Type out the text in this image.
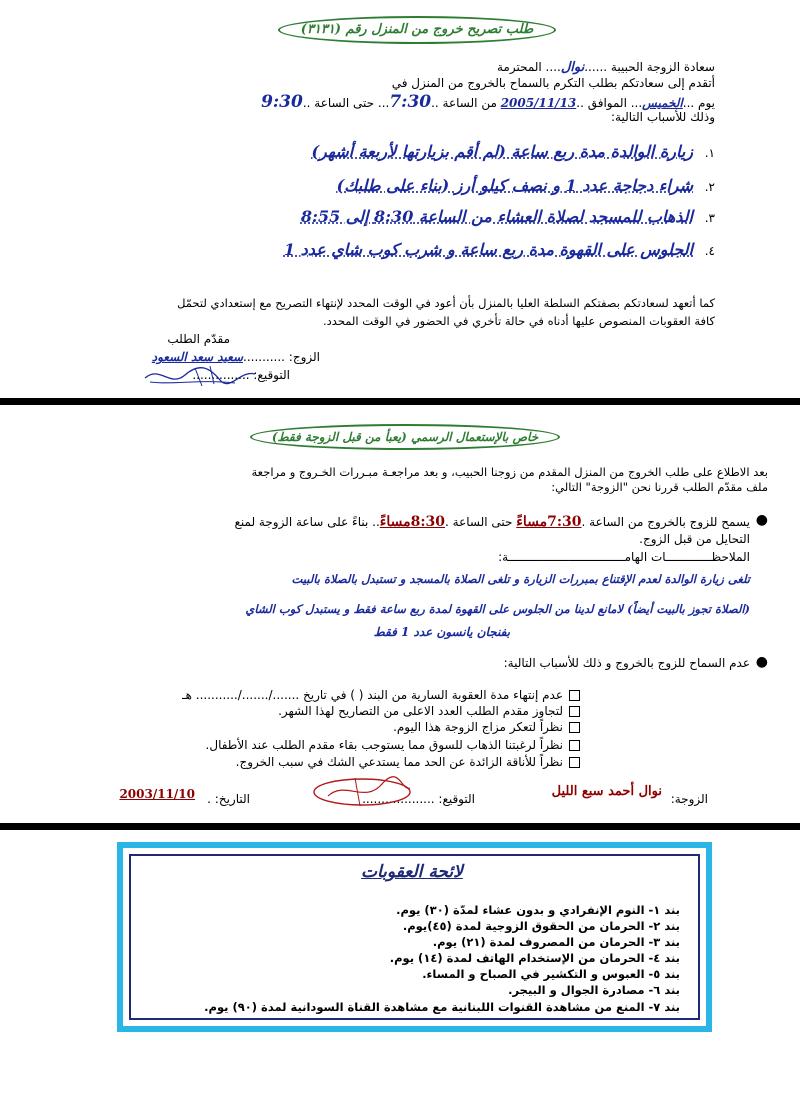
طلب تصريح خروج من المنزل رقم (٣١٣١)
سعادة الزوجة الحبيبة ......نوال.... المحترمة
أتقدم إلى سعادتكم بطلب التكرم بالسماح بالخروج من المنزل في
يوم ...الخميس... الموافق ..2005/11/13 من الساعة ..7:30... حتى الساعة ..9:30
وذلك للأسباب التالية:
١.
زيارة الوالدة مدة ربع ساعة (لم أقم بزيارتها لأربعة أشهر)
٢.
شراء دجاجة عدد 1 و نصف كيلو أرز (بناء على طلبك)
٣.
الذهاب للمسجد لصلاة العشاء من الساعة 8:30 إلى 8:55
٤.
الجلوس على القهوة مدة ربع ساعة و شرب كوب شاي عدد 1
كما أتعهد لسعادتكم بصفتكم السلطة العليا بالمنزل بأن أعود في الوقت المحدد لإنتهاء التصريح مع إستعدادي لتحمّل
كافة العقوبات المنصوص عليها أدناه في حالة تأخري في الحضور في الوقت المحدد.
مقدّم الطلب
الزوج: ...........سعيد سعد السعود
التوقيع: ...............
خاص بالإستعمال الرسمي (يعبأ من قبل الزوجة فقط)
بعد الاطلاع على طلب الخروج من المنزل المقدم من زوجنا الحبيب، و بعد مراجعـة مبـررات الخـروج و مراجعة
ملف مقدّم الطلب قررنا نحن "الزوجة" التالي:
●
يسمح للزوج بالخروج من الساعة .7:30مساءً حتى الساعة .8:30مساءً.. بناءً على ساعة الزوجة لمنع
التحايل من قبل الزوج.
الملاحظـــــــــــــات الهامـــــــــــــــــــــــــــــــــة:
تلغى زيارة الوالدة لعدم الإقتناع بمبررات الزيارة و تلغى الصلاة بالمسجد و تستبدل بالصلاة بالبيت
(الصلاة تجوز بالبيت أيضاً) لامانع لدينا من الجلوس على القهوة لمدة ربع ساعة فقط و يستبدل كوب الشاي
بفنجان يانسون عدد 1 فقط
●
عدم السماح للزوج بالخروج و ذلك للأسباب التالية:
عدم إنتهاء مدة العقوبة السارية من البند ( ) في تاريخ ......./......./........... هـ
لتجاوز مقدم الطلب العدد الاعلى من التصاريح لهذا الشهر.
نظراً لتعكر مزاج الزوجة هذا اليوم.
نظراً لرغبتنا الذهاب للسوق مما يستوجب بقاء مقدم الطلب عند الأطفال.
نظراً للأناقة الزائدة عن الحد مما يستدعي الشك في سبب الخروج.
الزوجة:
نوال أحمد سبع الليل
التوقيع: ...................
التاريخ: .
2003/11/10
لائحة العقوبات
بند ١- النوم الإنفرادي و بدون عشاء لمدّة (٣٠) يوم.
بند ٢- الحرمان من الحقوق الزوجية لمدة (٤٥)يوم.
بند ٣- الحرمان من المصروف لمدة (٢١) يوم.
بند ٤- الحرمان من الإستخدام الهاتف لمدة (١٤) يوم.
بند ٥- العبوس و التكشير في الصباح و المساء.
بند ٦- مصادرة الجوال و البيجر.
بند ٧- المنع من مشاهدة القنوات اللبنانية مع مشاهدة القناة السودانية لمدة (٩٠) يوم.
